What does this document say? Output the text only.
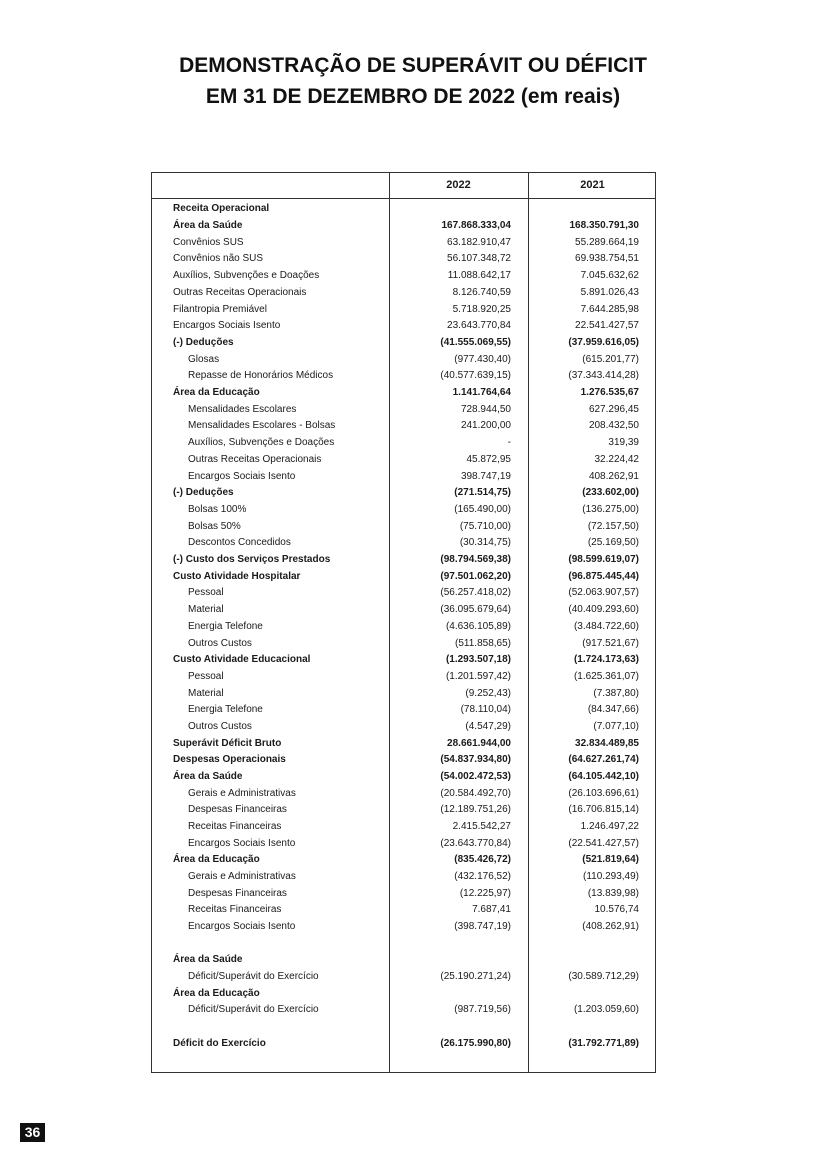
DEMONSTRAÇÃO DE SUPERÁVIT OU DÉFICIT
EM 31 DE DEZEMBRO DE 2022 (em reais)
2022	2021
Receita Operacional
Área da Saúde	167.868.333,04	168.350.791,30
Convênios SUS	63.182.910,47	55.289.664,19
Convênios não SUS	56.107.348,72	69.938.754,51
Auxílios, Subvenções e Doações	11.088.642,17	7.045.632,62
Outras Receitas Operacionais	8.126.740,59	5.891.026,43
Filantropia Premiável	5.718.920,25	7.644.285,98
Encargos Sociais Isento	23.643.770,84	22.541.427,57
(-) Deduções	(41.555.069,55)	(37.959.616,05)
Glosas	(977.430,40)	(615.201,77)
Repasse de Honorários Médicos	(40.577.639,15)	(37.343.414,28)
Área da Educação	1.141.764,64	1.276.535,67
Mensalidades Escolares	728.944,50	627.296,45
Mensalidades Escolares - Bolsas	241.200,00	208.432,50
Auxílios, Subvenções e Doações	-	319,39
Outras Receitas Operacionais	45.872,95	32.224,42
Encargos Sociais Isento	398.747,19	408.262,91
(-) Deduções	(271.514,75)	(233.602,00)
Bolsas 100%	(165.490,00)	(136.275,00)
Bolsas 50%	(75.710,00)	(72.157,50)
Descontos Concedidos	(30.314,75)	(25.169,50)
(-) Custo dos Serviços Prestados	(98.794.569,38)	(98.599.619,07)
Custo Atividade Hospitalar	(97.501.062,20)	(96.875.445,44)
Pessoal	(56.257.418,02)	(52.063.907,57)
Material	(36.095.679,64)	(40.409.293,60)
Energia Telefone	(4.636.105,89)	(3.484.722,60)
Outros Custos	(511.858,65)	(917.521,67)
Custo Atividade Educacional	(1.293.507,18)	(1.724.173,63)
Pessoal	(1.201.597,42)	(1.625.361,07)
Material	(9.252,43)	(7.387,80)
Energia Telefone	(78.110,04)	(84.347,66)
Outros Custos	(4.547,29)	(7.077,10)
Superávit Déficit Bruto	28.661.944,00	32.834.489,85
Despesas Operacionais	(54.837.934,80)	(64.627.261,74)
Área da Saúde	(54.002.472,53)	(64.105.442,10)
Gerais e Administrativas	(20.584.492,70)	(26.103.696,61)
Despesas Financeiras	(12.189.751,26)	(16.706.815,14)
Receitas Financeiras	2.415.542,27	1.246.497,22
Encargos Sociais Isento	(23.643.770,84)	(22.541.427,57)
Área da Educação	(835.426,72)	(521.819,64)
Gerais e Administrativas	(432.176,52)	(110.293,49)
Despesas Financeiras	(12.225,97)	(13.839,98)
Receitas Financeiras	7.687,41	10.576,74
Encargos Sociais Isento	(398.747,19)	(408.262,91)
Área da Saúde
Déficit/Superávit do Exercício	(25.190.271,24)	(30.589.712,29)
Área da Educação
Déficit/Superávit do Exercício	(987.719,56)	(1.203.059,60)
Déficit do Exercício	(26.175.990,80)	(31.792.771,89)
36
